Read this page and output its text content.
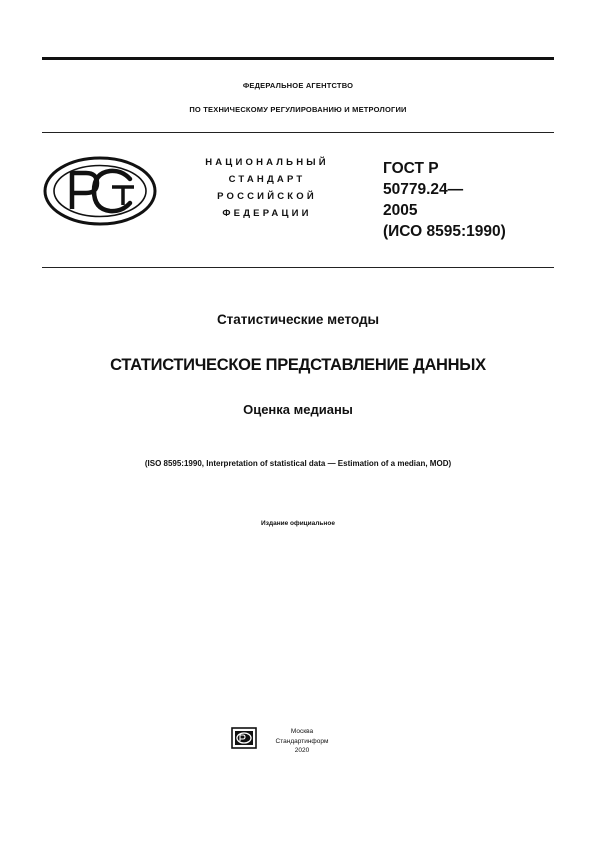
ФЕДЕРАЛЬНОЕ АГЕНТСТВО
ПО ТЕХНИЧЕСКОМУ РЕГУЛИРОВАНИЮ И МЕТРОЛОГИИ
НАЦИОНАЛЬНЫЙ
СТАНДАРТ
РОССИЙСКОЙ
ФЕДЕРАЦИИ
ГОСТ Р
50779.24—
2005
(ИСО 8595:1990)
Статистические методы
СТАТИСТИЧЕСКОЕ ПРЕДСТАВЛЕНИЕ ДАННЫХ
Оценка медианы
(ISO 8595:1990, Interpretation of statistical data — Estimation of a median, MOD)
Издание официальное
Москва
Стандартинформ
2020
